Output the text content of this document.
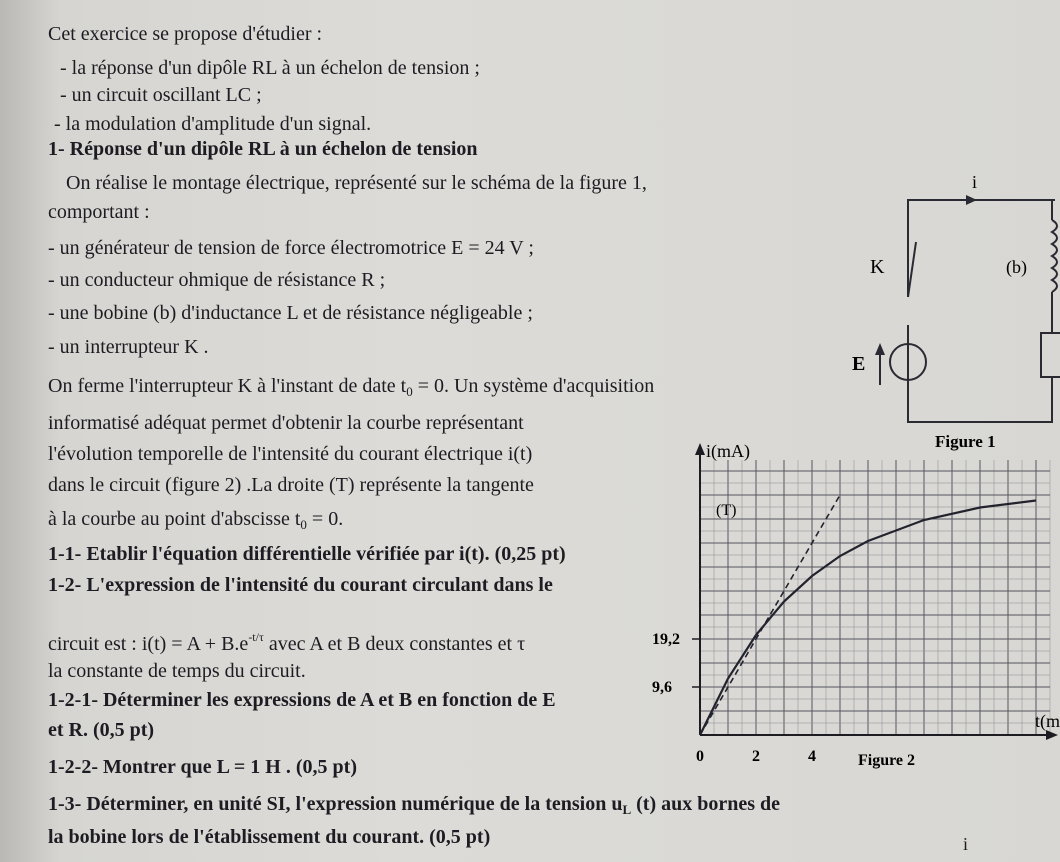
Cet exercice se propose d'étudier :
- la réponse d'un dipôle RL à un échelon de tension ;
- un circuit oscillant LC ;
- la modulation d'amplitude d'un signal.
1- Réponse d'un dipôle RL à un échelon de tension
On réalise le montage électrique, représenté sur le schéma de la figure 1,
comportant :
- un générateur de tension de force électromotrice E = 24 V ;
- un conducteur ohmique de résistance R ;
- une bobine (b) d'inductance L et de résistance négligeable ;
- un interrupteur K .
On ferme l'interrupteur K à l'instant de date $t_0 = 0$. Un système d'acquisition
informatisé adéquat permet d'obtenir la courbe représentant
l'évolution temporelle de l'intensité du courant électrique i(t)
dans le circuit (figure 2) .La droite (T) représente la tangente
à la courbe au point d'abscisse $t_0 = 0$.
1-1- Etablir l'équation différentielle vérifiée par i(t). (0,25 pt)
1-2- L'expression de l'intensité du courant circulant dans le
circuit est : $i(t) = A + B.e^{-t/\tau}$ avec A et B deux constantes et τ
la constante de temps du circuit.
1-2-1- Déterminer les expressions de A et B en fonction de E
et R. (0,5 pt)
1-2-2- Montrer que L = 1 H . (0,5 pt)
1-3- Déterminer, en unité SI, l'expression numérique de la tension $u_L$ (t) aux bornes de
la bobine lors de l'établissement du courant. (0,5 pt)	i
i
K	(b)
E
Figure 1
0	2	4
9,6
19,2
i(mA)
t(m
(T)
Figure 2
